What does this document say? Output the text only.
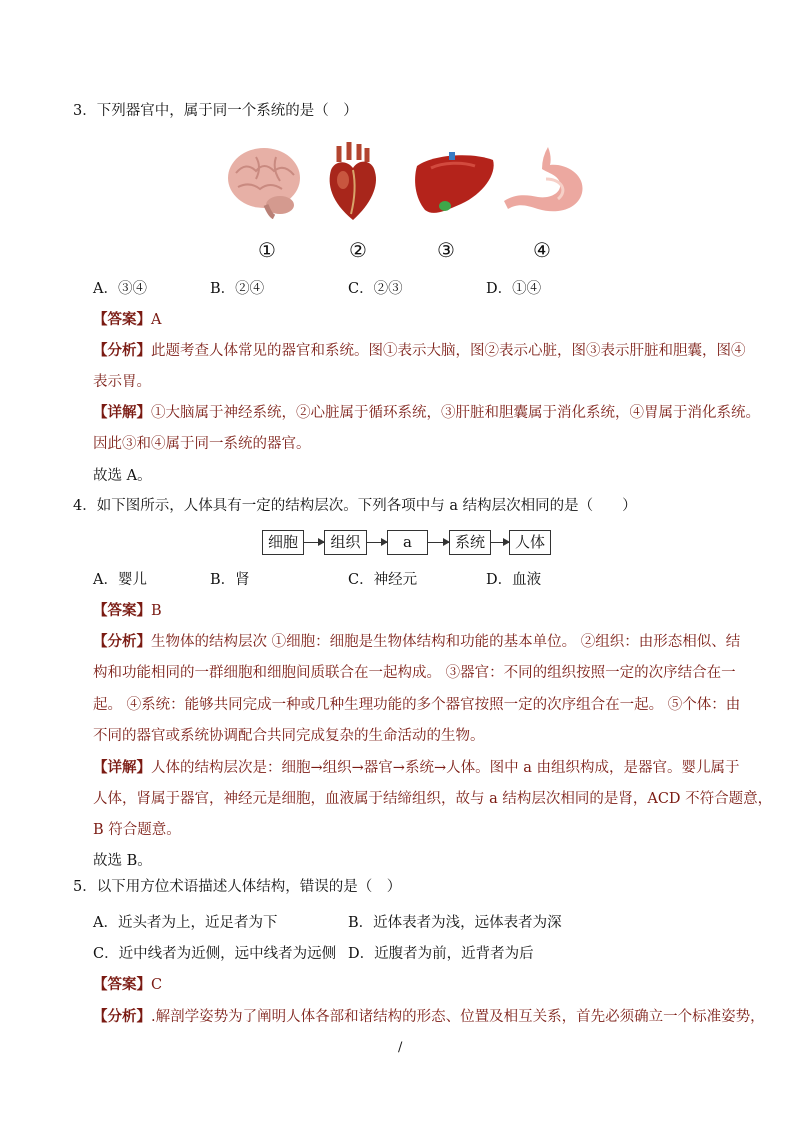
3．下列器官中，属于同一个系统的是（　）
①	②	③	④
A．③④	B．②④	C．②③	D．①④
【答案】A
【分析】此题考查人体常见的器官和系统。图①表示大脑，图②表示心脏，图③表示肝脏和胆囊，图④
表示胃。
【详解】①大脑属于神经系统，②心脏属于循环系统，③肝脏和胆囊属于消化系统，④胃属于消化系统。
因此③和④属于同一系统的器官。
故选 A。
4．如下图所示，人体具有一定的结构层次。下列各项中与 a 结构层次相同的是（　　）
细胞	组织	a	系统	人体
A．婴儿	B．肾	C．神经元	D．血液
【答案】B
【分析】生物体的结构层次 ①细胞：细胞是生物体结构和功能的基本单位。 ②组织：由形态相似、结
构和功能相同的一群细胞和细胞间质联合在一起构成。 ③器官：不同的组织按照一定的次序结合在一
起。 ④系统：能够共同完成一种或几种生理功能的多个器官按照一定的次序组合在一起。 ⑤个体：由
不同的器官或系统协调配合共同完成复杂的生命活动的生物。
【详解】人体的结构层次是：细胞→组织→器官→系统→人体。图中 a 由组织构成，是器官。婴儿属于
人体，肾属于器官，神经元是细胞，血液属于结缔组织，故与 a 结构层次相同的是肾，ACD 不符合题意，
B 符合题意。
故选 B。
5．以下用方位术语描述人体结构，错误的是（　）
A．近头者为上，近足者为下	B．近体表者为浅，远体表者为深
C．近中线者为近侧，远中线者为远侧 D．近腹者为前，近背者为后
【答案】C
【分析】.解剖学姿势为了阐明人体各部和诸结构的形态、位置及相互关系，首先必须确立一个标准姿势，
/
